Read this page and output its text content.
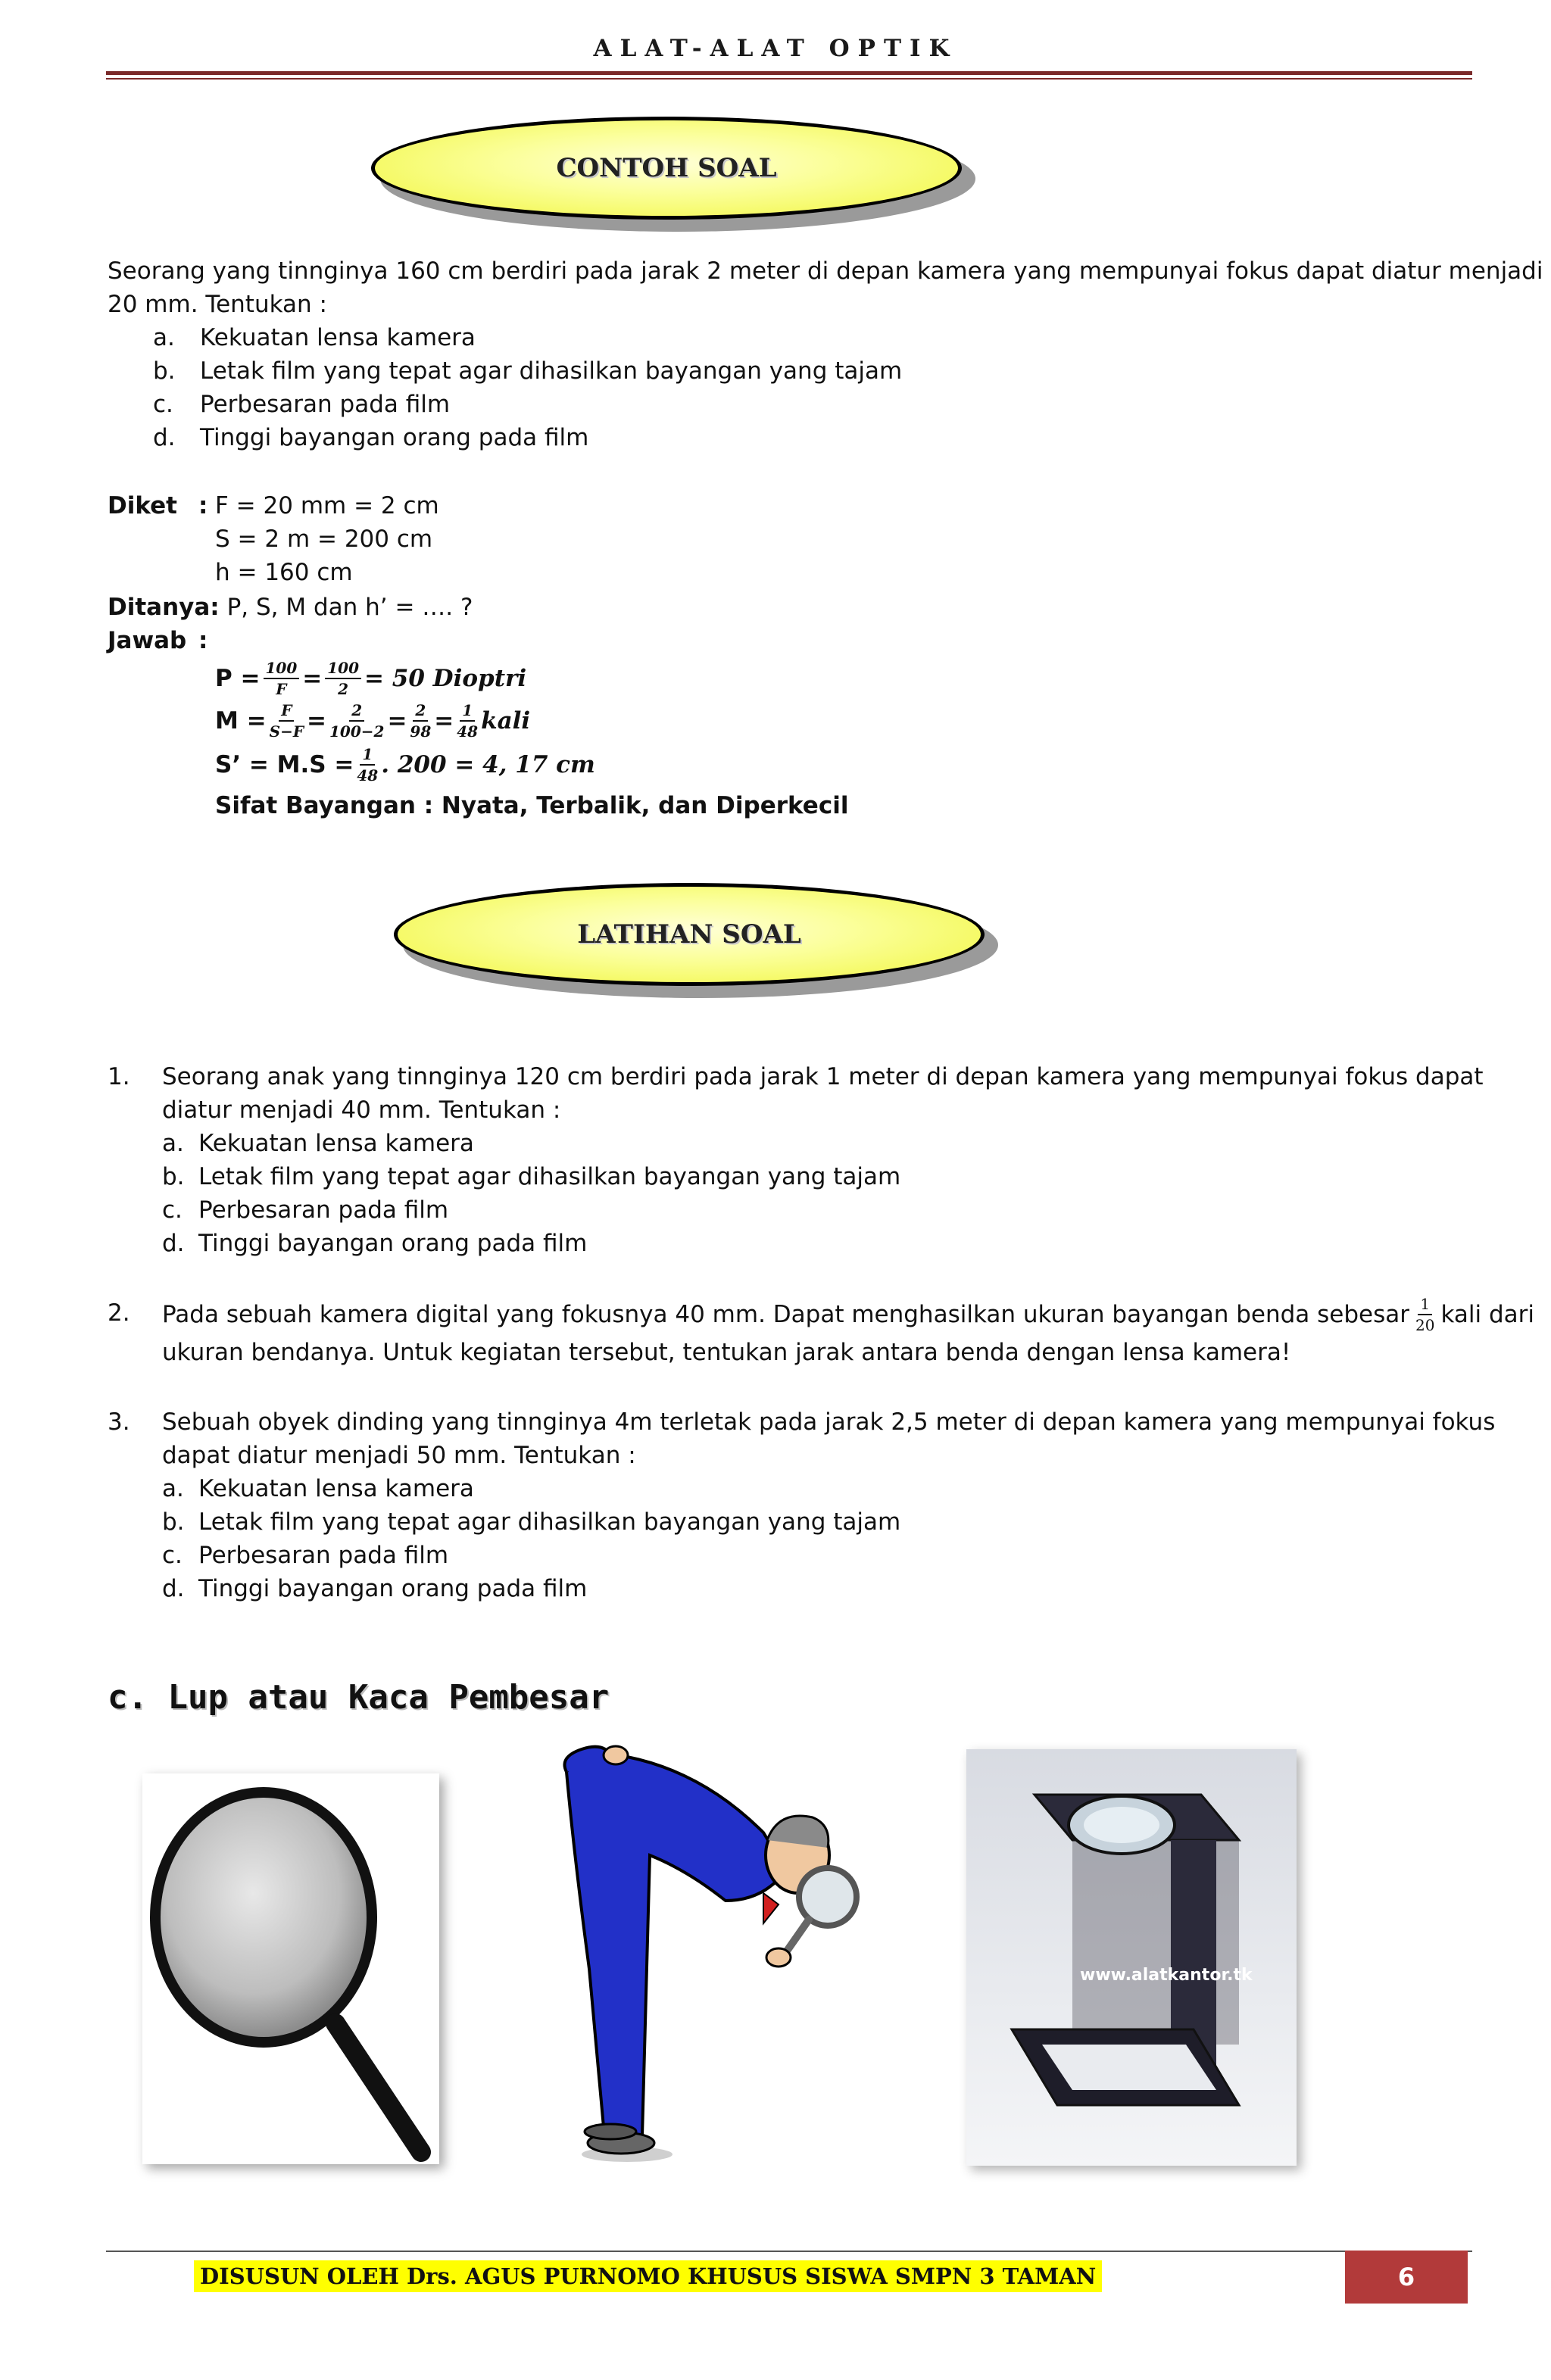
ALAT-ALAT OPTIK
CONTOH SOAL
Seorang yang tinnginya 160 cm berdiri pada jarak 2 meter di depan kamera yang mempunyai fokus dapat diatur menjadi
20 mm. Tentukan :
a. Kekuatan lensa kamera
b. Letak film yang tepat agar dihasilkan bayangan yang tajam
c. Perbesaran pada film
d. Tinggi bayangan orang pada film
Diket : F = 20 mm = 2 cm
S = 2 m = 200 cm
h = 160 cm
Ditanya: P, S, M dan h’ = …. ?
Jawab :
$P = \frac{100}{F} = \frac{100}{2} = 50$ Dioptri
$M = \frac{F}{S-F} = \frac{2}{100-2} = \frac{2}{98} = \frac{1}{48}$ kali
S’ = $M.S = \frac{1}{48}$ . 200 = 4, 17 cm
Sifat Bayangan : Nyata, Terbalik, dan Diperkecil
LATIHAN SOAL
1. Seorang anak yang tinnginya 120 cm berdiri pada jarak 1 meter di depan kamera yang mempunyai fokus dapat
diatur menjadi 40 mm. Tentukan :
a. Kekuatan lensa kamera
b. Letak film yang tepat agar dihasilkan bayangan yang tajam
c. Perbesaran pada film
d. Tinggi bayangan orang pada film
2. Pada sebuah kamera digital yang fokusnya 40 mm. Dapat menghasilkan ukuran bayangan benda sebesar $\frac{1}{20}$ kali dari
ukuran bendanya. Untuk kegiatan tersebut, tentukan jarak antara benda dengan lensa kamera!
3. Sebuah obyek dinding yang tinnginya 4m terletak pada jarak 2,5 meter di depan kamera yang mempunyai fokus
dapat diatur menjadi 50 mm. Tentukan :
a. Kekuatan lensa kamera
b. Letak film yang tepat agar dihasilkan bayangan yang tajam
c. Perbesaran pada film
d. Tinggi bayangan orang pada film
c. Lup atau Kaca Pembesar
www.alatkantor.tk
DISUSUN OLEH Drs. AGUS PURNOMO KHUSUS SISWA SMPN 3 TAMAN	6
